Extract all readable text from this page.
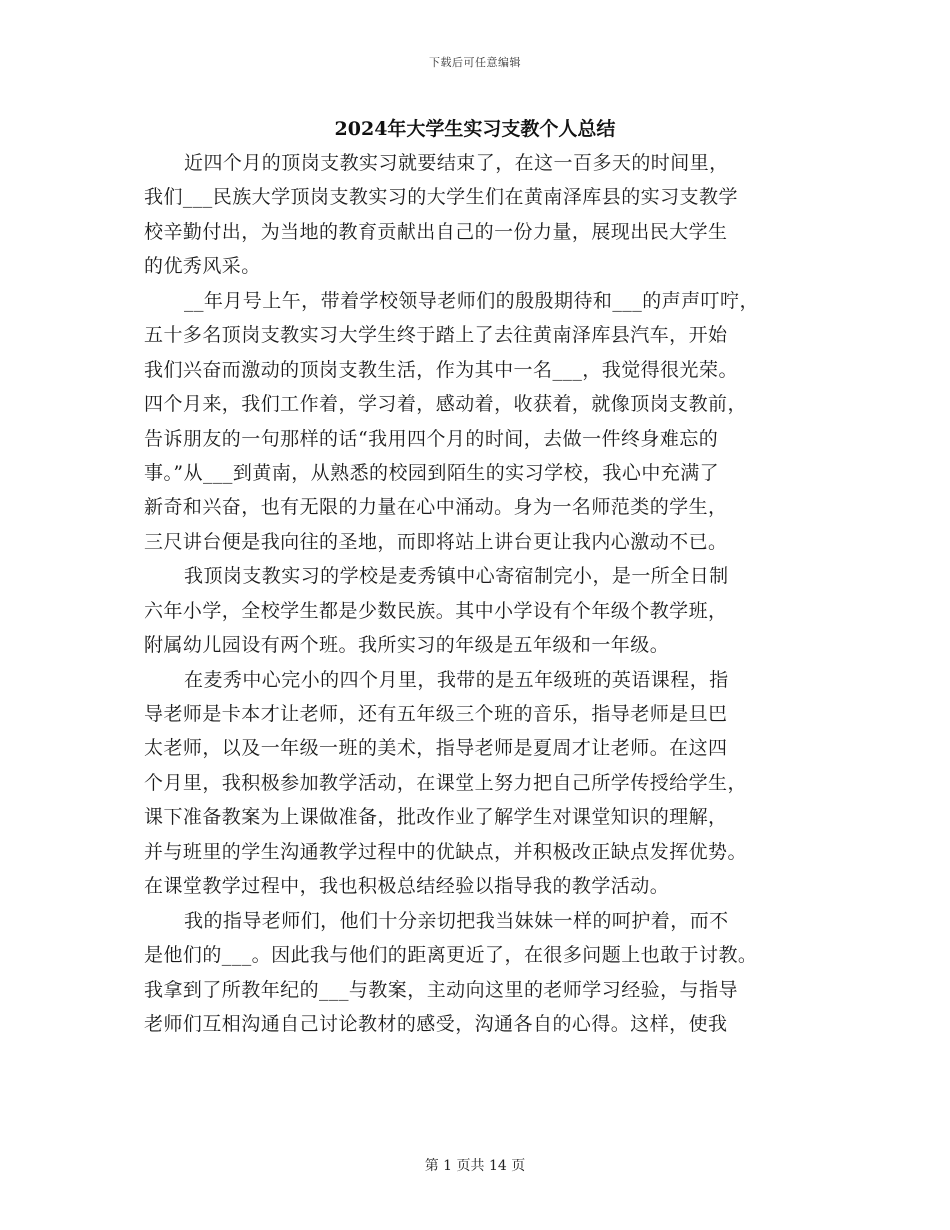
下载后可任意编辑
2024年大学生实习支教个人总结
近四个月的顶岗支教实习就要结束了，在这一百多天的时间里，
我们___民族大学顶岗支教实习的大学生们在黄南泽库县的实习支教学
校辛勤付出，为当地的教育贡献出自己的一份力量，展现出民大学生
的优秀风采。
__年月号上午，带着学校领导老师们的殷殷期待和___的声声叮咛，
五十多名顶岗支教实习大学生终于踏上了去往黄南泽库县汽车，开始
我们兴奋而激动的顶岗支教生活，作为其中一名___，我觉得很光荣。
四个月来，我们工作着，学习着，感动着，收获着，就像顶岗支教前，
告诉朋友的一句那样的话“我用四个月的时间，去做一件终身难忘的
事。”从___到黄南，从熟悉的校园到陌生的实习学校，我心中充满了
新奇和兴奋，也有无限的力量在心中涌动。身为一名师范类的学生，
三尺讲台便是我向往的圣地，而即将站上讲台更让我内心激动不已。
我顶岗支教实习的学校是麦秀镇中心寄宿制完小，是一所全日制
六年小学，全校学生都是少数民族。其中小学设有个年级个教学班，
附属幼儿园设有两个班。我所实习的年级是五年级和一年级。
在麦秀中心完小的四个月里，我带的是五年级班的英语课程，指
导老师是卡本才让老师，还有五年级三个班的音乐，指导老师是旦巴
太老师，以及一年级一班的美术，指导老师是夏周才让老师。在这四
个月里，我积极参加教学活动，在课堂上努力把自己所学传授给学生，
课下准备教案为上课做准备，批改作业了解学生对课堂知识的理解，
并与班里的学生沟通教学过程中的优缺点，并积极改正缺点发挥优势。
在课堂教学过程中，我也积极总结经验以指导我的教学活动。
我的指导老师们，他们十分亲切把我当妹妹一样的呵护着，而不
是他们的___。因此我与他们的距离更近了，在很多问题上也敢于讨教。
我拿到了所教年纪的___与教案，主动向这里的老师学习经验，与指导
老师们互相沟通自己讨论教材的感受，沟通各自的心得。这样，使我
第 1 页共 14 页
